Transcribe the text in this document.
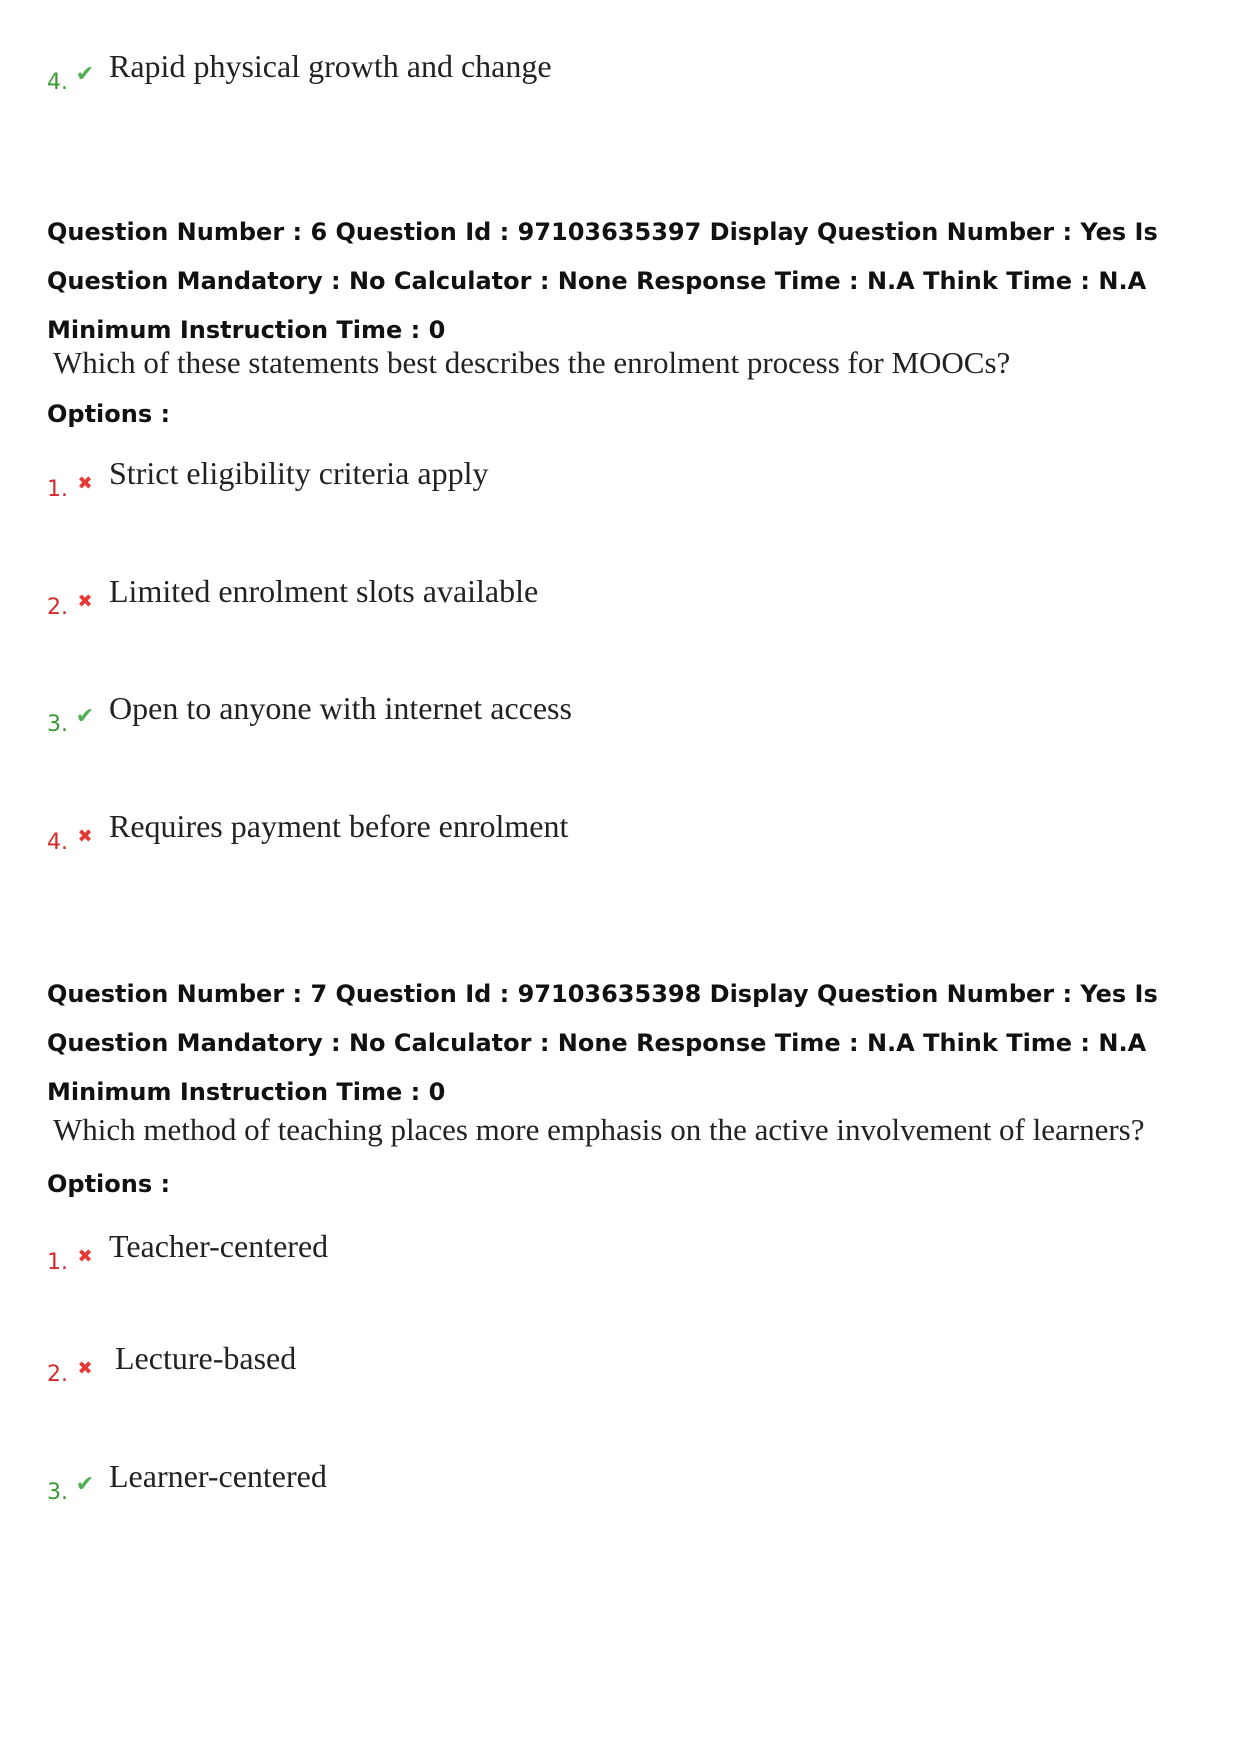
4. ✔ Rapid physical growth and change
Question Number : 6 Question Id : 97103635397 Display Question Number : Yes Is Question Mandatory : No Calculator : None Response Time : N.A Think Time : N.A Minimum Instruction Time : 0
Which of these statements best describes the enrolment process for MOOCs?
Options :
1. ✖ Strict eligibility criteria apply
2. ✖ Limited enrolment slots available
3. ✔ Open to anyone with internet access
4. ✖ Requires payment before enrolment
Question Number : 7 Question Id : 97103635398 Display Question Number : Yes Is Question Mandatory : No Calculator : None Response Time : N.A Think Time : N.A Minimum Instruction Time : 0
Which method of teaching places more emphasis on the active involvement of learners?
Options :
1. ✖ Teacher-centered
2. ✖ Lecture-based
3. ✔ Learner-centered
